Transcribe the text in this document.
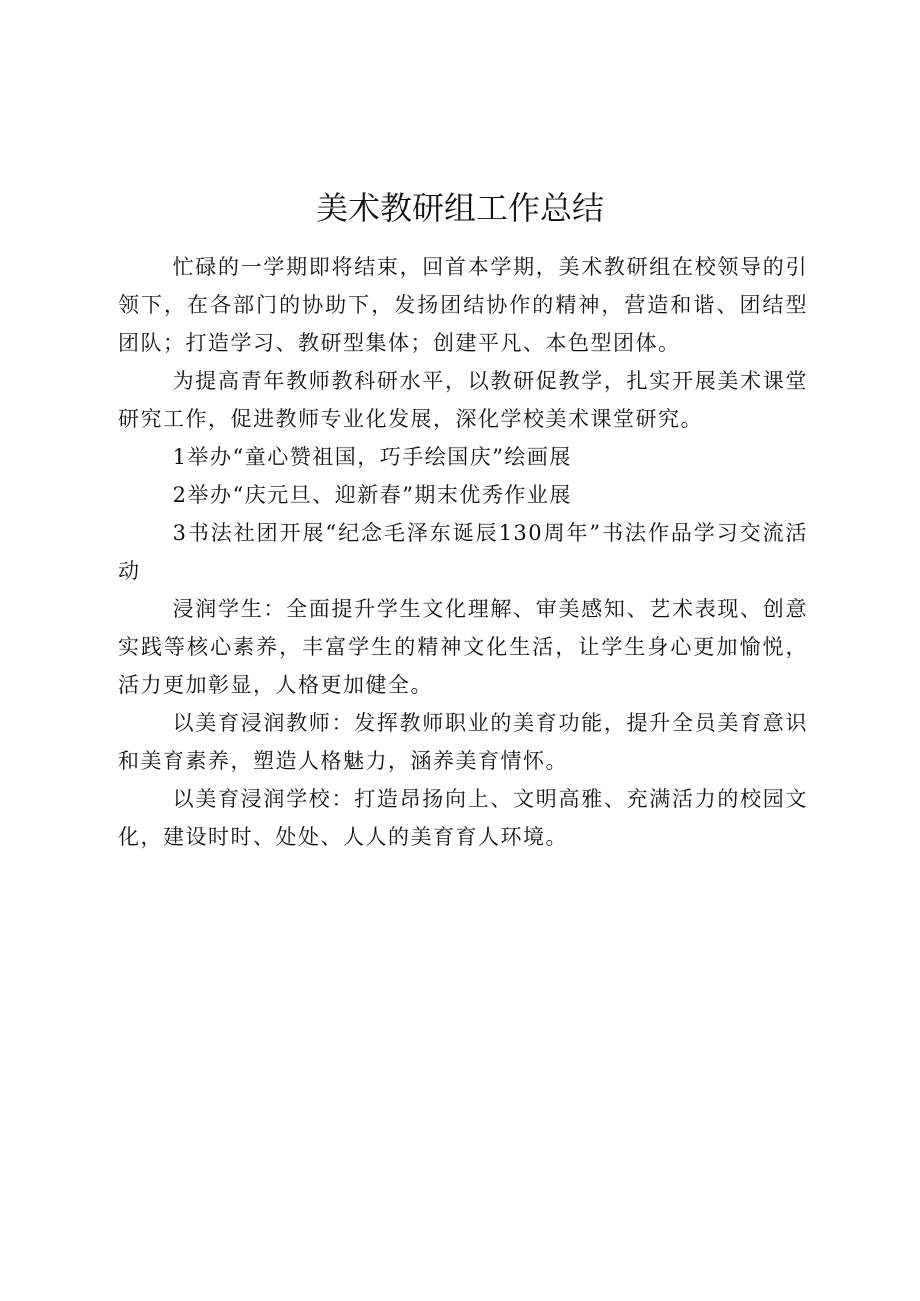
美术教研组工作总结

忙碌的一学期即将结束，回首本学期，美术教研组在校领导的引领下，在各部门的协助下，发扬团结协作的精神，营造和谐、团结型团队；打造学习、教研型集体；创建平凡、本色型团体。

为提高青年教师教科研水平，以教研促教学，扎实开展美术课堂研究工作，促进教师专业化发展，深化学校美术课堂研究。

1举办“童心赞祖国，巧手绘国庆”绘画展

2举办“庆元旦、迎新春”期末优秀作业展

3书法社团开展“纪念毛泽东诞辰130周年”书法作品学习交流活动

浸润学生：全面提升学生文化理解、审美感知、艺术表现、创意实践等核心素养，丰富学生的精神文化生活，让学生身心更加愉悦，活力更加彰显，人格更加健全。

以美育浸润教师：发挥教师职业的美育功能，提升全员美育意识和美育素养，塑造人格魅力，涵养美育情怀。

以美育浸润学校：打造昂扬向上、文明高雅、充满活力的校园文化，建设时时、处处、人人的美育育人环境。
